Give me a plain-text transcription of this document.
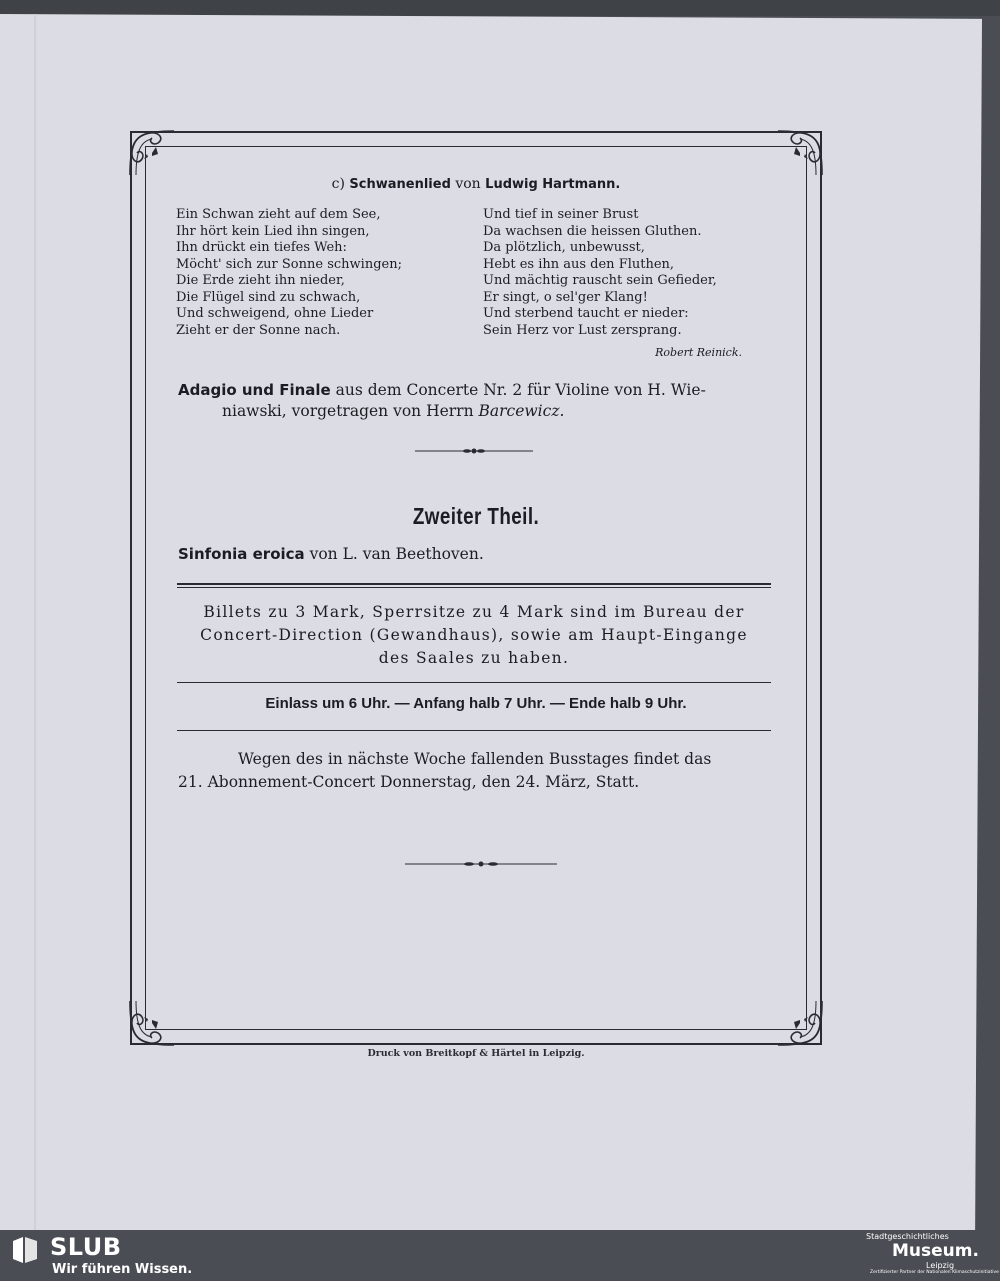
c) Schwanenlied von Ludwig Hartmann.
Ein Schwan zieht auf dem See,
Ihr hört kein Lied ihn singen,
Ihn drückt ein tiefes Weh:
Möcht' sich zur Sonne schwingen;
Die Erde zieht ihn nieder,
Die Flügel sind zu schwach,
Und schweigend, ohne Lieder
Zieht er der Sonne nach.
Und tief in seiner Brust
Da wachsen die heissen Gluthen.
Da plötzlich, unbewusst,
Hebt es ihn aus den Fluthen,
Und mächtig rauscht sein Gefieder,
Er singt, o sel'ger Klang!
Und sterbend taucht er nieder:
Sein Herz vor Lust zersprang.
Robert Reinick.
Adagio und Finale aus dem Concerte Nr. 2 für Violine von H. Wie-
niawski, vorgetragen von Herrn Barcewicz.
Zweiter Theil.
Sinfonia eroica von L. van Beethoven.
Billets zu 3 Mark, Sperrsitze zu 4 Mark sind im Bureau der
Concert-Direction (Gewandhaus), sowie am Haupt-Eingange
des Saales zu haben.
Einlass um 6 Uhr. — Anfang halb 7 Uhr. — Ende halb 9 Uhr.
Wegen des in nächste Woche fallenden Busstages findet das
21. Abonnement-Concert Donnerstag, den 24. März, Statt.
Druck von Breitkopf & Härtel in Leipzig.
SLUB
Wir führen Wissen.
Stadtgeschichtliches
Museum.
Leipzig
Zertifizierter Partner der Nationalen Klimaschutzinitiative
